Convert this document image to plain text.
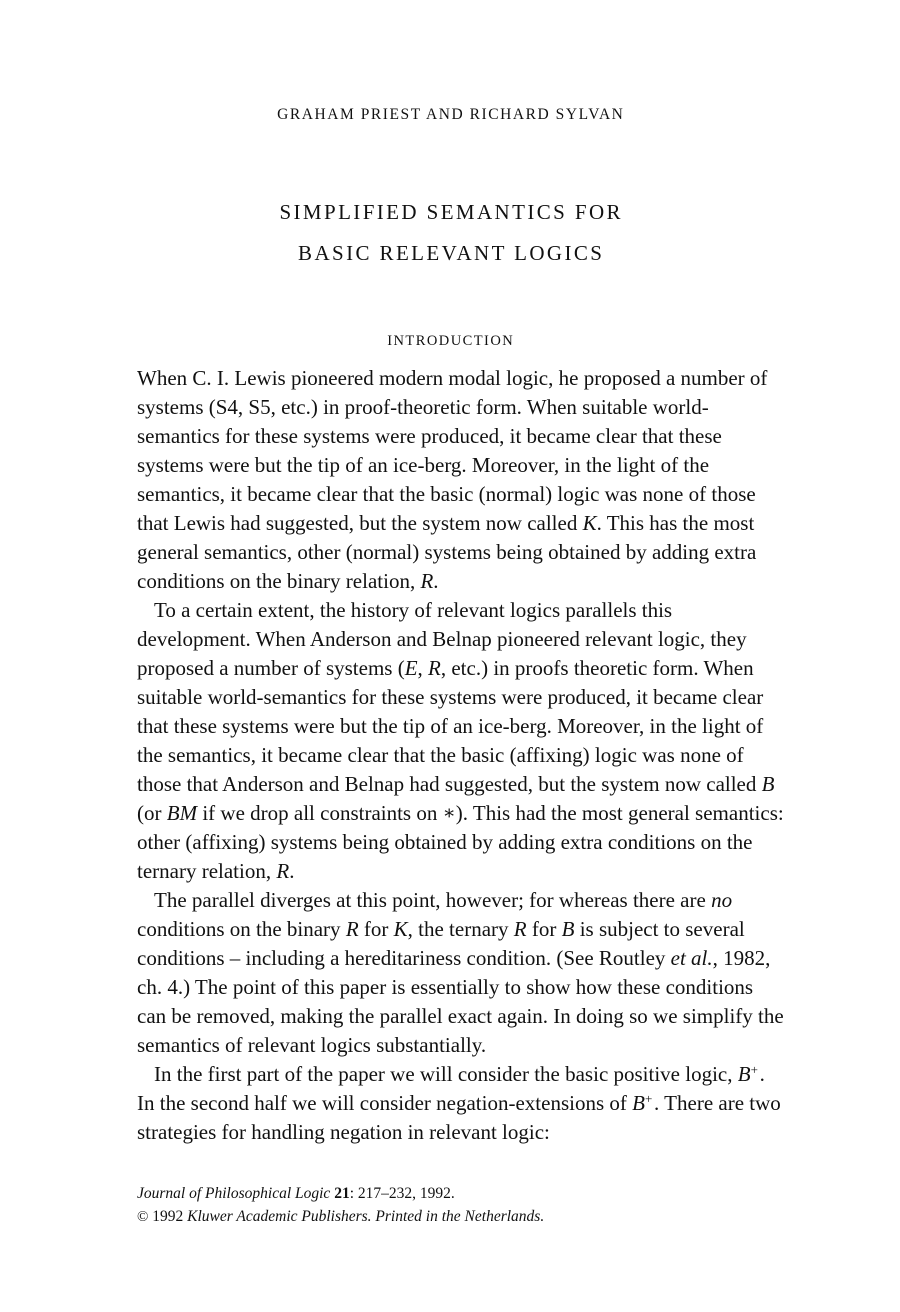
GRAHAM PRIEST AND RICHARD SYLVAN
SIMPLIFIED SEMANTICS FOR
BASIC RELEVANT LOGICS
INTRODUCTION

When C. I. Lewis pioneered modern modal logic, he proposed a number of systems (S4, S5, etc.) in proof-theoretic form. When suitable world-semantics for these systems were produced, it became clear that these systems were but the tip of an ice-berg. Moreover, in the light of the semantics, it became clear that the basic (normal) logic was none of those that Lewis had suggested, but the system now called K. This has the most general semantics, other (normal) systems being obtained by adding extra conditions on the binary relation, R.

To a certain extent, the history of relevant logics parallels this development. When Anderson and Belnap pioneered relevant logic, they proposed a number of systems (E, R, etc.) in proofs theoretic form. When suitable world-semantics for these systems were produced, it became clear that these systems were but the tip of an ice-berg. Moreover, in the light of the semantics, it became clear that the basic (affixing) logic was none of those that Anderson and Belnap had suggested, but the system now called B (or BM if we drop all constraints on ∗). This had the most general semantics: other (affixing) systems being obtained by adding extra conditions on the ternary relation, R.

The parallel diverges at this point, however; for whereas there are no conditions on the binary R for K, the ternary R for B is subject to several conditions – including a hereditariness condition. (See Routley et al., 1982, ch. 4.) The point of this paper is essentially to show how these conditions can be removed, making the parallel exact again. In doing so we simplify the semantics of relevant logics substantially.

In the first part of the paper we will consider the basic positive logic, B+ . In the second half we will consider negation-extensions of B+ . There are two strategies for handling negation in relevant logic:

Journal of Philosophical Logic 21: 217–232, 1992.
© 1992 Kluwer Academic Publishers. Printed in the Netherlands.
